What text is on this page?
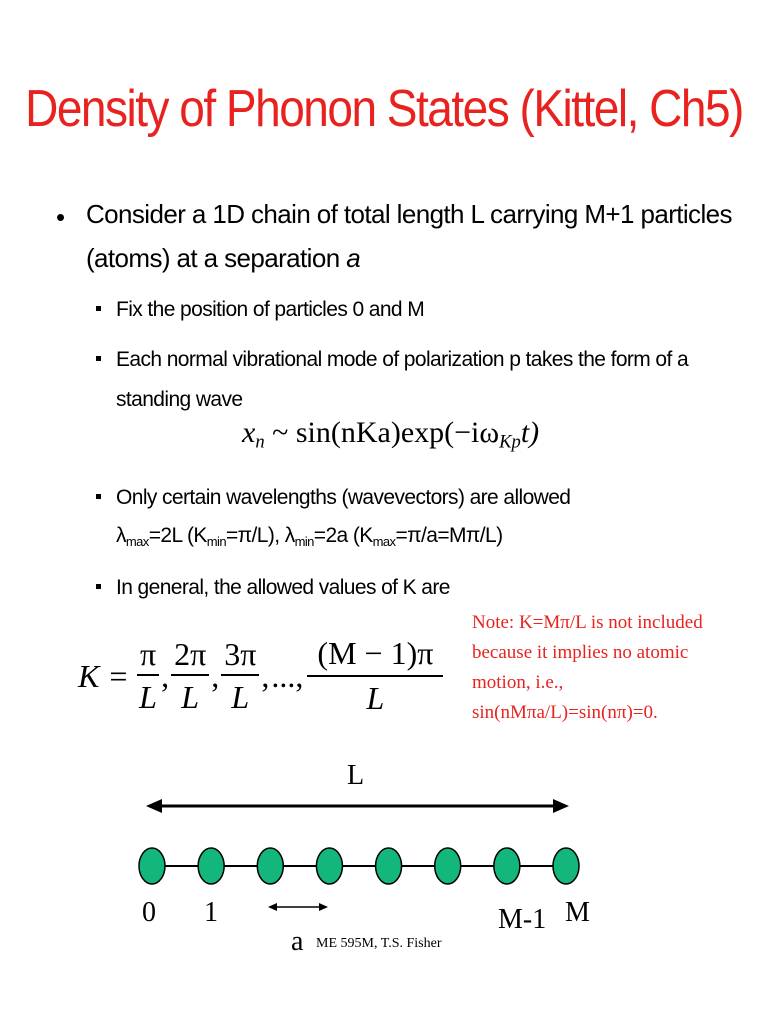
Density of Phonon States (Kittel, Ch5)
• Consider a 1D chain of total length L carrying M+1 particles
(atoms) at a separation a
Fix the position of particles 0 and M
Each normal vibrational mode of polarization p takes the form of a
standing wave
$x_n$ ~ $\sin(nKa)\exp(-i\omega_{Kp}t)$
Only certain wavelengths (wavevectors) are allowed
$\lambda_{max}=2L$ $(K_{min}=\pi/L)$, $\lambda_{min}=2a$ $(K_{max}=\pi/a=M\pi/L)$
In general, the allowed values of K are
$K = \frac{\pi}{L}$ , $\frac{2\pi}{L}$ , $\frac{3\pi}{L}$ , ..., $\frac{(M - 1)\pi}{L}$
Note: K=Mπ/L is not included
because it implies no atomic
motion, i.e.,
sin(nMπa/L)=sin(nπ)=0.
L
0 1	M-1 M
a ME 595M, T.S. Fisher
